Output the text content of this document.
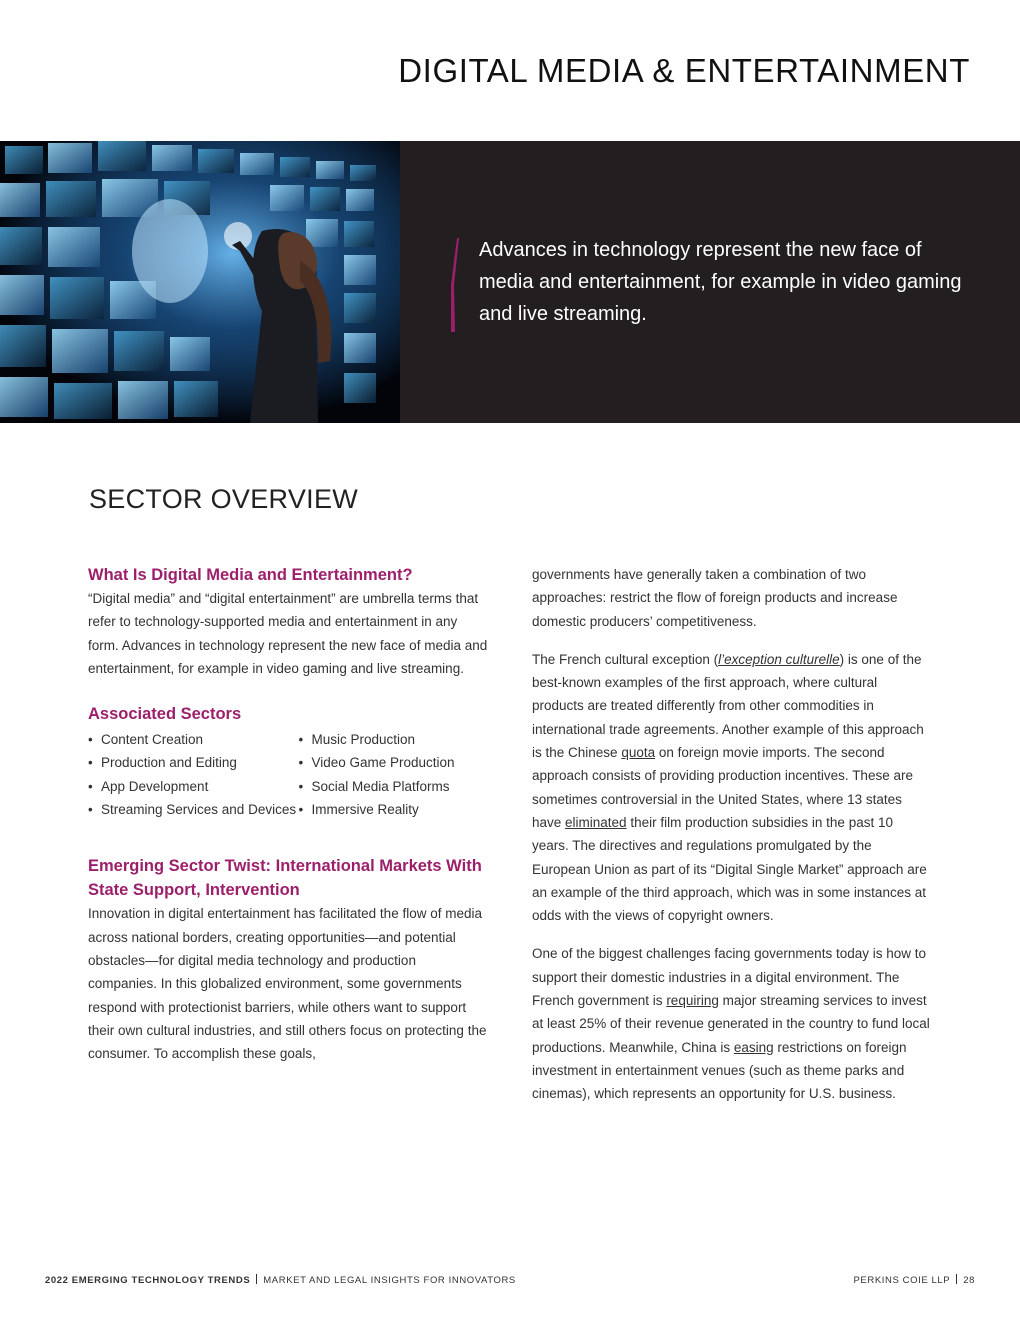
DIGITAL MEDIA & ENTERTAINMENT

Advances in technology represent the new face of media and entertainment, for example in video gaming and live streaming.

SECTOR OVERVIEW
What Is Digital Media and Entertainment?

“Digital media” and “digital entertainment” are umbrella terms that refer to technology-supported media and entertainment in any form. Advances in technology represent the new face of media and entertainment, for example in video gaming and live streaming.

Associated Sectors
• Content Creation
• Production and Editing
• App Development
• Streaming Services and Devices
• Music Production
• Video Game Production
• Social Media Platforms
• Immersive Reality
Emerging Sector Twist: International Markets With State Support, Intervention

Innovation in digital entertainment has facilitated the flow of media across national borders, creating opportunities—and potential obstacles—for digital media technology and production companies. In this globalized environment, some governments respond with protectionist barriers, while others want to support their own cultural industries, and still others focus on protecting the consumer. To accomplish these goals,

governments have generally taken a combination of two approaches: restrict the flow of foreign products and increase domestic producers’ competitiveness.

The French cultural exception (l’exception culturelle) is one of the best-known examples of the first approach, where cultural products are treated differently from other commodities in international trade agreements. Another example of this approach is the Chinese quota on foreign movie imports. The second approach consists of providing production incentives. These are sometimes controversial in the United States, where 13 states have eliminated their film production subsidies in the past 10 years. The directives and regulations promulgated by the European Union as part of its “Digital Single Market” approach are an example of the third approach, which was in some instances at odds with the views of copyright owners.

One of the biggest challenges facing governments today is how to support their domestic industries in a digital environment. The French government is requiring major streaming services to invest at least 25% of their revenue generated in the country to fund local productions. Meanwhile, China is easing restrictions on foreign investment in entertainment venues (such as theme parks and cinemas), which represents an opportunity for U.S. business.

2022 EMERGING TECHNOLOGY TRENDS MARKET AND LEGAL INSIGHTS FOR INNOVATORS	PERKINS COIE LLP 28
